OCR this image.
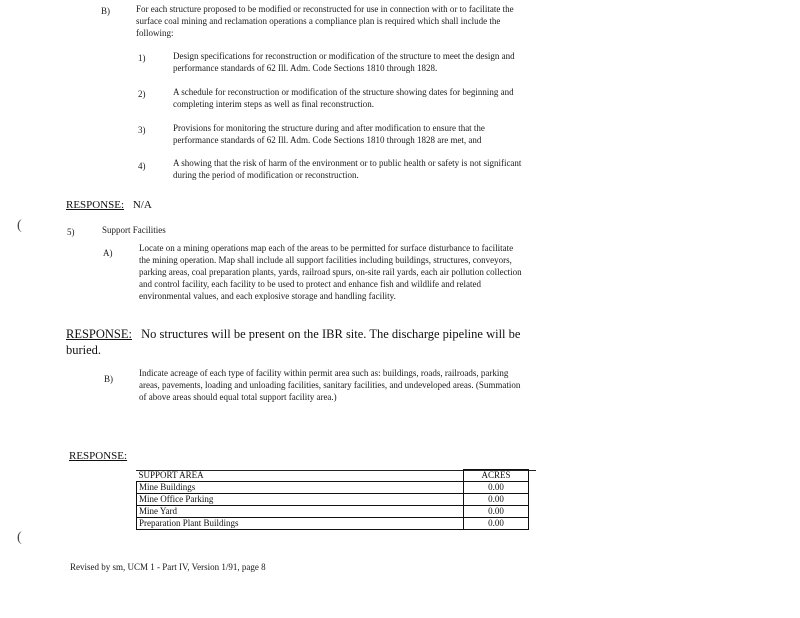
B)	For each structure proposed to be modified or reconstructed for use in connection with or to facilitate the surface coal mining and reclamation operations a compliance plan is required which shall include the following:
1)	Design specifications for reconstruction or modification of the structure to meet the design and performance standards of 62 Ill. Adm. Code Sections 1810 through 1828.
2)	A schedule for reconstruction or modification of the structure showing dates for beginning and completing interim steps as well as final reconstruction.
3)	Provisions for monitoring the structure during and after modification to ensure that the performance standards of 62 Ill. Adm. Code Sections 1810 through 1828 are met, and
4)	A showing that the risk of harm of the environment or to public health or safety is not significant during the period of modification or reconstruction.
RESPONSE: N/A
(
(
5)	Support Facilities
A)	Locate on a mining operations map each of the areas to be permitted for surface disturbance to facilitate the mining operation. Map shall include all support facilities including buildings, structures, conveyors, parking areas, coal preparation plants, yards, railroad spurs, on-site rail yards, each air pollution collection and control facility, each facility to be used to protect and enhance fish and wildlife and related environmental values, and each explosive storage and handling facility.
RESPONSE: No structures will be present on the IBR site. The discharge pipeline will be buried.
B)
Indicate acreage of each type of facility within permit area such as: buildings, roads, railroads, parking areas, pavements, loading and unloading facilities, sanitary facilities, and undeveloped areas. (Summation of above areas should equal total support facility area.)
RESPONSE:
SUPPORT AREA	ACRES
Mine Buildings	0.00
Mine Office Parking	0.00
Mine Yard	0.00
Preparation Plant Buildings	0.00
Revised by sm, UCM 1 - Part IV, Version 1/91, page 8
